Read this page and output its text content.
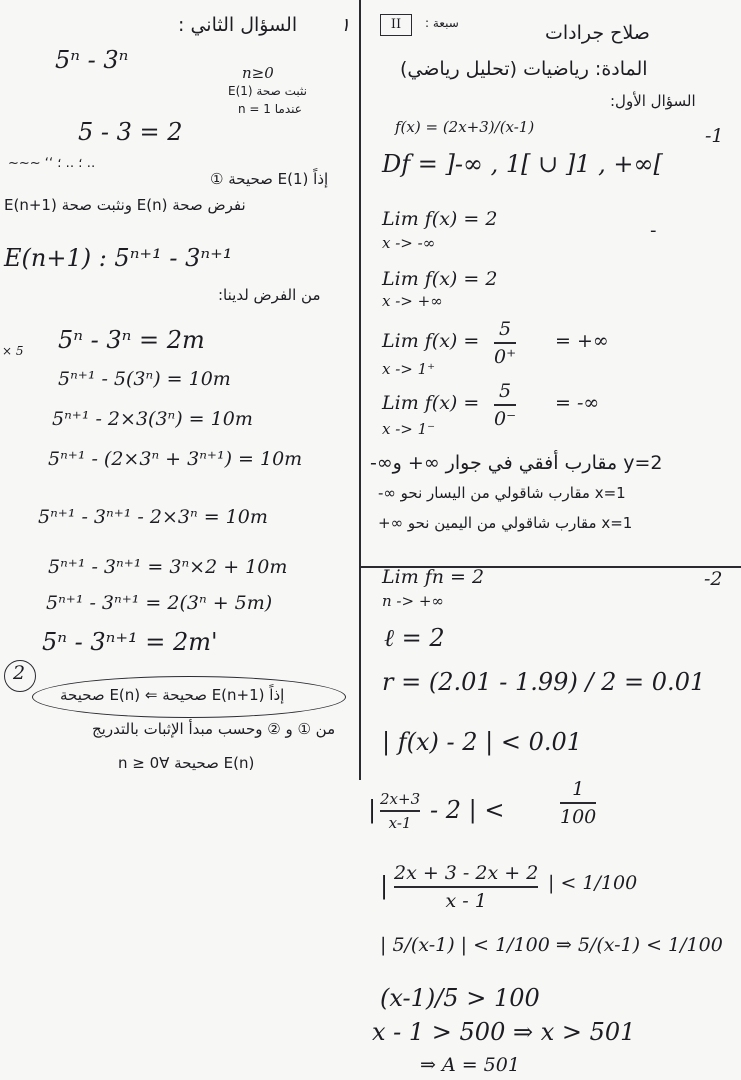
صلاح جرادات
سبعة :
II
المادة: رياضيات (تحليل رياضي)
السؤال الأول:
-1
f(x) = (2x+3)/(x-1)
Df = ]-∞ , 1[ ∪ ]1 , +∞[
Lim f(x) = 2
x -> -∞
-
Lim f(x) = 2
x -> +∞
Lim f(x) =
5
0⁺
= +∞
x -> 1⁺
Lim f(x) =
5
0⁻
= -∞
x -> 1⁻
y=2 مقارب أفقي في جوار ∞+ و∞-
x=1 مقارب شاقولي من اليسار نحو ∞-
x=1 مقارب شاقولي من اليمين نحو ∞+
-2
Lim fn = 2
n -> +∞
ℓ = 2
r = (2.01 - 1.99) / 2 = 0.01
| f(x) - 2 | < 0.01
| 2x+3
x-1 - 2 | <
1
100
| 2x + 3 - 2x + 2
x - 1
| < 1/100
| 5/(x-1) | < 1/100 ⇒ 5/(x-1) < 1/100
(x-1)/5 > 100
x - 1 > 500 ⇒ x > 501
⇒ A = 501
١
السؤال الثاني :
5ⁿ - 3ⁿ	n≥0
نثبت صحة E(1)
عندما n = 1
5 - 3 = 2
~~~ ʻʻ ؛ ‥ ؛ ‥
إذاً E(1) صحيحة ①
نفرض صحة E(n) ونثبت صحة E(n+1)
E(n+1) : 5ⁿ⁺¹ - 3ⁿ⁺¹
من الفرض لدينا:
× 5 5ⁿ - 3ⁿ = 2m
5ⁿ⁺¹ - 5(3ⁿ) = 10m
5ⁿ⁺¹ - 2×3(3ⁿ) = 10m
5ⁿ⁺¹ - (2×3ⁿ + 3ⁿ⁺¹) = 10m
5ⁿ⁺¹ - 3ⁿ⁺¹ - 2×3ⁿ = 10m
5ⁿ⁺¹ - 3ⁿ⁺¹ = 3ⁿ×2 + 10m
5ⁿ⁺¹ - 3ⁿ⁺¹ = 2(3ⁿ + 5m)
5ⁿ - 3ⁿ⁺¹ = 2m'
2
إذاً E(n+1) صحيحة ⇐ E(n) صحيحة
من ① و ② وحسب مبدأ الإثبات بالتدريج
E(n) صحيحة ∀n ≥ 0
